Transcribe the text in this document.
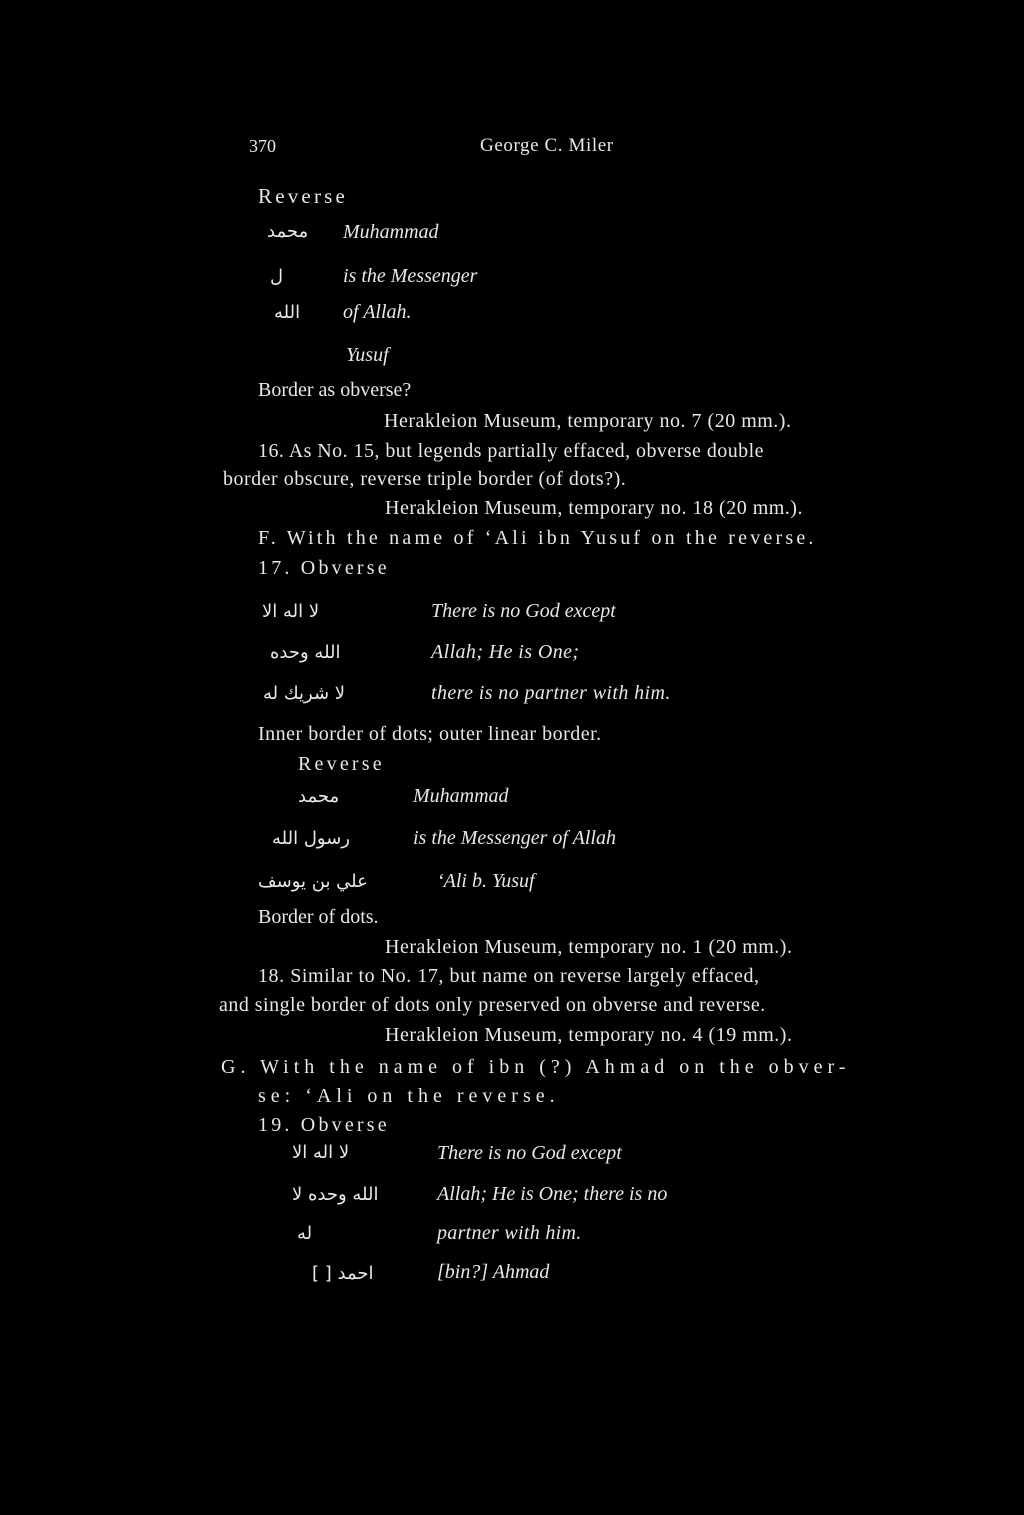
370	George C. Miler
Reverse
محمد Muhammad
ل	is the Messenger
الله of Allah.
Yusuf
Border as obverse?
Herakleion Museum, temporary no. 7 (20 mm.).
16. As No. 15, but legends partially effaced, obverse double
border obscure, reverse triple border (of dots?).
Herakleion Museum, temporary no. 18 (20 mm.).
F. With the name of ‘Ali ibn Yusuf on the reverse.
17. Obverse
لا اله الا	There is no God except
الله وحده	Allah; He is One;
لا شريك له	there is no partner with him.
Inner border of dots; outer linear border.
Reverse
محمد	Muhammad
رسول الله	is the Messenger of Allah
علي بن يوسف	‘Ali b. Yusuf
Border of dots.
Herakleion Museum, temporary no. 1 (20 mm.).
18. Similar to No. 17, but name on reverse largely effaced,
and single border of dots only preserved on obverse and reverse.
Herakleion Museum, temporary no. 4 (19 mm.).
G. With the name of ibn (?) Ahmad on the obver-
se: ‘Ali on the reverse.
19. Obverse
لا اله الا	There is no God except
الله وحده لا	Allah; He is One; there is no
له	partner with him.
[ ] احمد	[bin?] Ahmad
